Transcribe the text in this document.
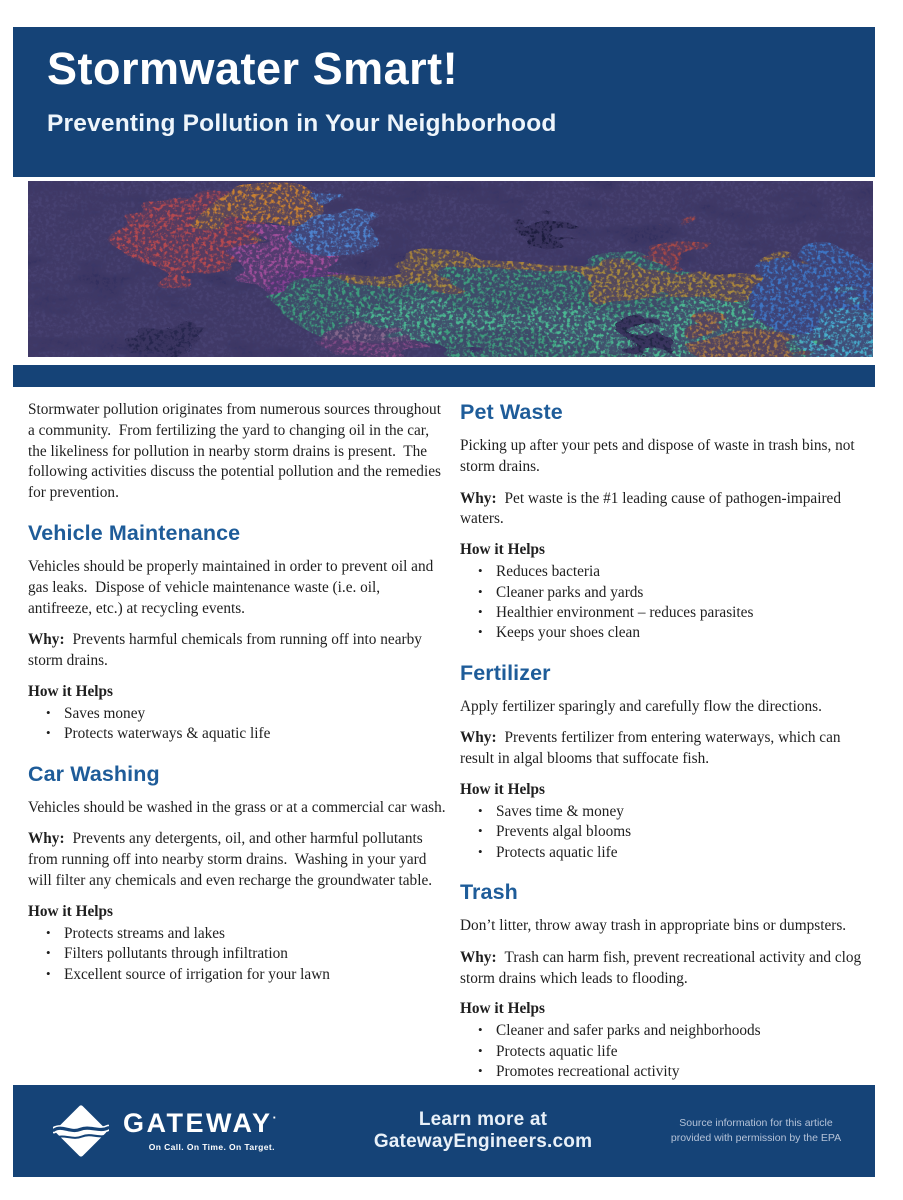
Stormwater Smart!
Preventing Pollution in Your Neighborhood

Stormwater pollution originates from numerous sources throughout a community.  From fertilizing the yard to changing oil in the car, the likeliness for pollution in nearby storm drains is present.  The following activities discuss the potential pollution and the remedies for prevention.

Vehicle Maintenance

Vehicles should be properly maintained in order to prevent oil and gas leaks.  Dispose of vehicle maintenance waste (i.e. oil, antifreeze, etc.) at recycling events.

Why: Prevents harmful chemicals from running off into nearby storm drains.

How it Helps

• Saves money
• Protects waterways & aquatic life
Car Washing

Vehicles should be washed in the grass or at a commercial car wash.

Why: Prevents any detergents, oil, and other harmful pollutants from running off into nearby storm drains.  Washing in your yard will filter any chemicals and even recharge the groundwater table.

How it Helps

• Protects streams and lakes
• Filters pollutants through infiltration
• Excellent source of irrigation for your lawn
Pet Waste

Picking up after your pets and dispose of waste in trash bins, not storm drains.

Why: Pet waste is the #1 leading cause of pathogen-impaired waters.

How it Helps

• Reduces bacteria
• Cleaner parks and yards
• Healthier environment – reduces parasites
• Keeps your shoes clean
Fertilizer

Apply fertilizer sparingly and carefully flow the directions.

Why: Prevents fertilizer from entering waterways, which can result in algal blooms that suffocate fish.

How it Helps

• Saves time & money
• Prevents algal blooms
• Protects aquatic life
Trash

Don’t litter, throw away trash in appropriate bins or dumpsters.

Why: Trash can harm fish, prevent recreational activity and clog storm drains which leads to flooding.

How it Helps

• Cleaner and safer parks and neighborhoods
• Protects aquatic life
• Promotes recreational activity
GATEWAY·
On Call. On Time. On Target.
Learn more at GatewayEngineers.com
Source information for this article
provided with permission by the EPA
